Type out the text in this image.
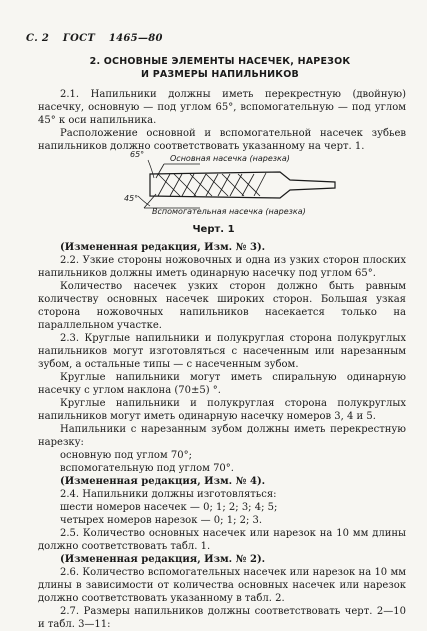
С. 2 ГОСТ 1465—80
2. ОСНОВНЫЕ ЭЛЕМЕНТЫ НАСЕЧЕК, НАРЕЗОК
И РАЗМЕРЫ НАПИЛЬНИКОВ

2.1. Напильники должны иметь перекрестную (двойную) насечку, основную — под углом 65°, вспомогательную — под углом 45° к оси напильника.

Расположение основной и вспомогательной насечек зубьев напильников должно соответствовать указанному на черт. 1.

65°
45°
Основная насечка (нарезка)
Вспомогательная насечка (нарезка)
Черт. 1

(Измененная редакция, Изм. № 3).

2.2. Узкие стороны ножовочных и одна из узких сторон плоских напильников должны иметь одинарную насечку под углом 65°.

Количество насечек узких сторон должно быть равным количеству основных насечек широких сторон. Большая узкая сторона ножовочных напильников насекается только на параллельном участке.

2.3. Круглые напильники и полукруглая сторона полукруглых напильников могут изготовляться с насеченным или нарезанным зубом, а остальные типы — с насеченным зубом.

Круглые напильники могут иметь спиральную одинарную насечку с углом наклона (70±5) °.

Круглые напильники и полукруглая сторона полукруглых напильников могут иметь одинарную насечку номеров 3, 4 и 5.

Напильники с нарезанным зубом должны иметь перекрестную нарезку:

основную под углом 70°;

вспомогательную под углом 70°.

(Измененная редакция, Изм. № 4).

2.4. Напильники должны изготовляться:

шести номеров насечек — 0; 1; 2; 3; 4; 5;

четырех номеров нарезок — 0; 1; 2; 3.

2.5. Количество основных насечек или нарезок на 10 мм длины должно соответствовать табл. 1.

(Измененная редакция, Изм. № 2).

2.6. Количество вспомогательных насечек или нарезок на 10 мм длины в зависимости от количества основных насечек или нарезок должно соответствовать указанному в табл. 2.

2.7. Размеры напильников должны соответствовать черт. 2—10 и табл. 3—11:
